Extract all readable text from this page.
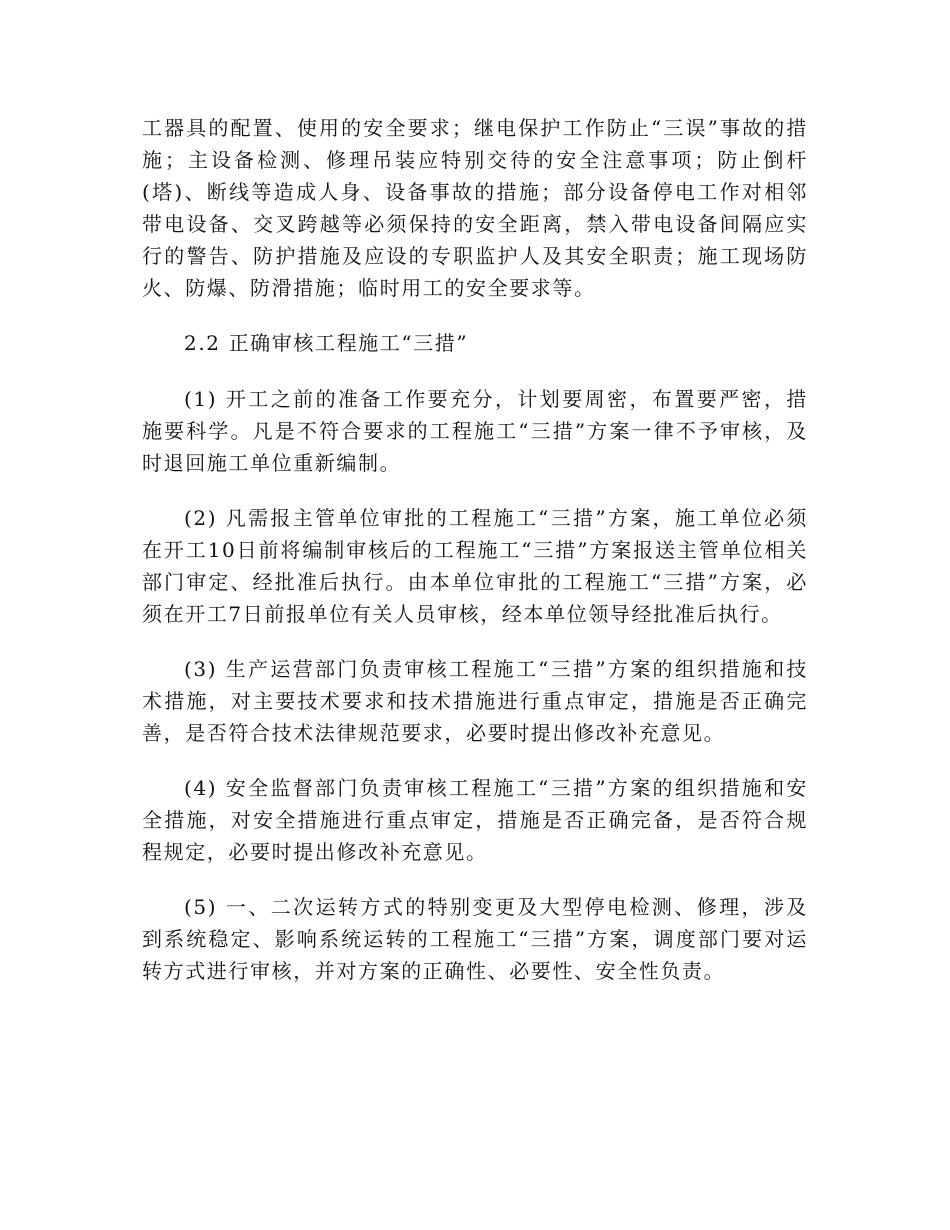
工器具的配置、使用的安全要求；继电保护工作防止“三误”事故的措施；主设备检测、修理吊装应特别交待的安全注意事项；防止倒杆(塔)、断线等造成人身、设备事故的措施；部分设备停电工作对相邻带电设备、交叉跨越等必须保持的安全距离，禁入带电设备间隔应实行的警告、防护措施及应设的专职监护人及其安全职责；施工现场防火、防爆、防滑措施；临时用工的安全要求等。

2.2 正确审核工程施工“三措”

(1) 开工之前的准备工作要充分，计划要周密，布置要严密，措施要科学。凡是不符合要求的工程施工“三措”方案一律不予审核，及时退回施工单位重新编制。

(2) 凡需报主管单位审批的工程施工“三措”方案，施工单位必须在开工10日前将编制审核后的工程施工“三措”方案报送主管单位相关部门审定、经批准后执行。由本单位审批的工程施工“三措”方案，必须在开工7日前报单位有关人员审核，经本单位领导经批准后执行。

(3) 生产运营部门负责审核工程施工“三措”方案的组织措施和技术措施，对主要技术要求和技术措施进行重点审定，措施是否正确完善，是否符合技术法律规范要求，必要时提出修改补充意见。

(4) 安全监督部门负责审核工程施工“三措”方案的组织措施和安全措施，对安全措施进行重点审定，措施是否正确完备，是否符合规程规定，必要时提出修改补充意见。

(5) 一、二次运转方式的特别变更及大型停电检测、修理，涉及到系统稳定、影响系统运转的工程施工“三措”方案，调度部门要对运转方式进行审核，并对方案的正确性、必要性、安全性负责。
